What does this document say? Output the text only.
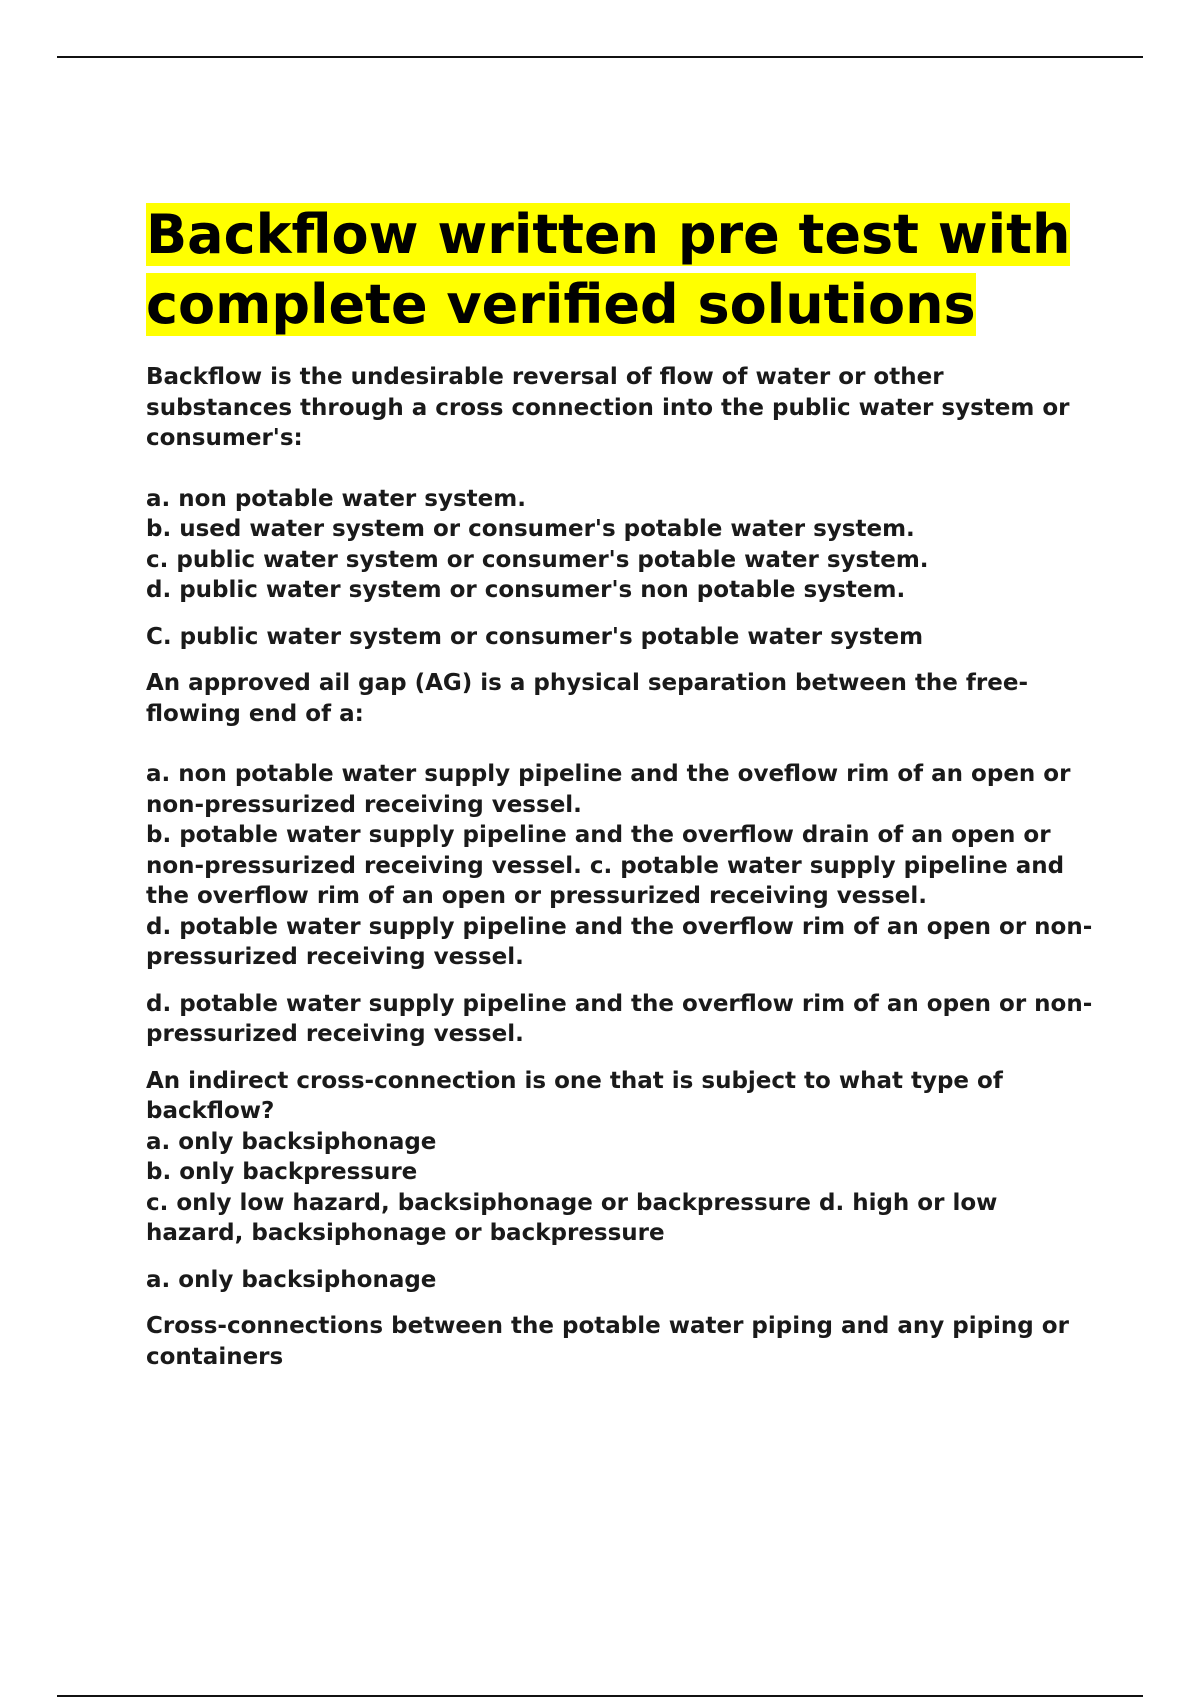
Backflow written pre test with complete verified solutions

Backflow is the undesirable reversal of flow of water or other substances through a cross connection into the public water system or consumer's:

a. non potable water system.

b. used water system or consumer's potable water system.

c. public water system or consumer's potable water system.

d. public water system or consumer's non potable system.

C. public water system or consumer's potable water system

An approved ail gap (AG) is a physical separation between the free-flowing end of a:

a. non potable water supply pipeline and the oveflow rim of an open or non-pressurized receiving vessel.

b. potable water supply pipeline and the overflow drain of an open or non-pressurized receiving vessel. c. potable water supply pipeline and the overflow rim of an open or pressurized receiving vessel.

d. potable water supply pipeline and the overflow rim of an open or non-pressurized receiving vessel.

d. potable water supply pipeline and the overflow rim of an open or non-pressurized receiving vessel.

An indirect cross-connection is one that is subject to what type of backflow?

a. only backsiphonage

b. only backpressure

c. only low hazard, backsiphonage or backpressure d. high or low hazard, backsiphonage or backpressure

a. only backsiphonage

Cross-connections between the potable water piping and any piping or containers
